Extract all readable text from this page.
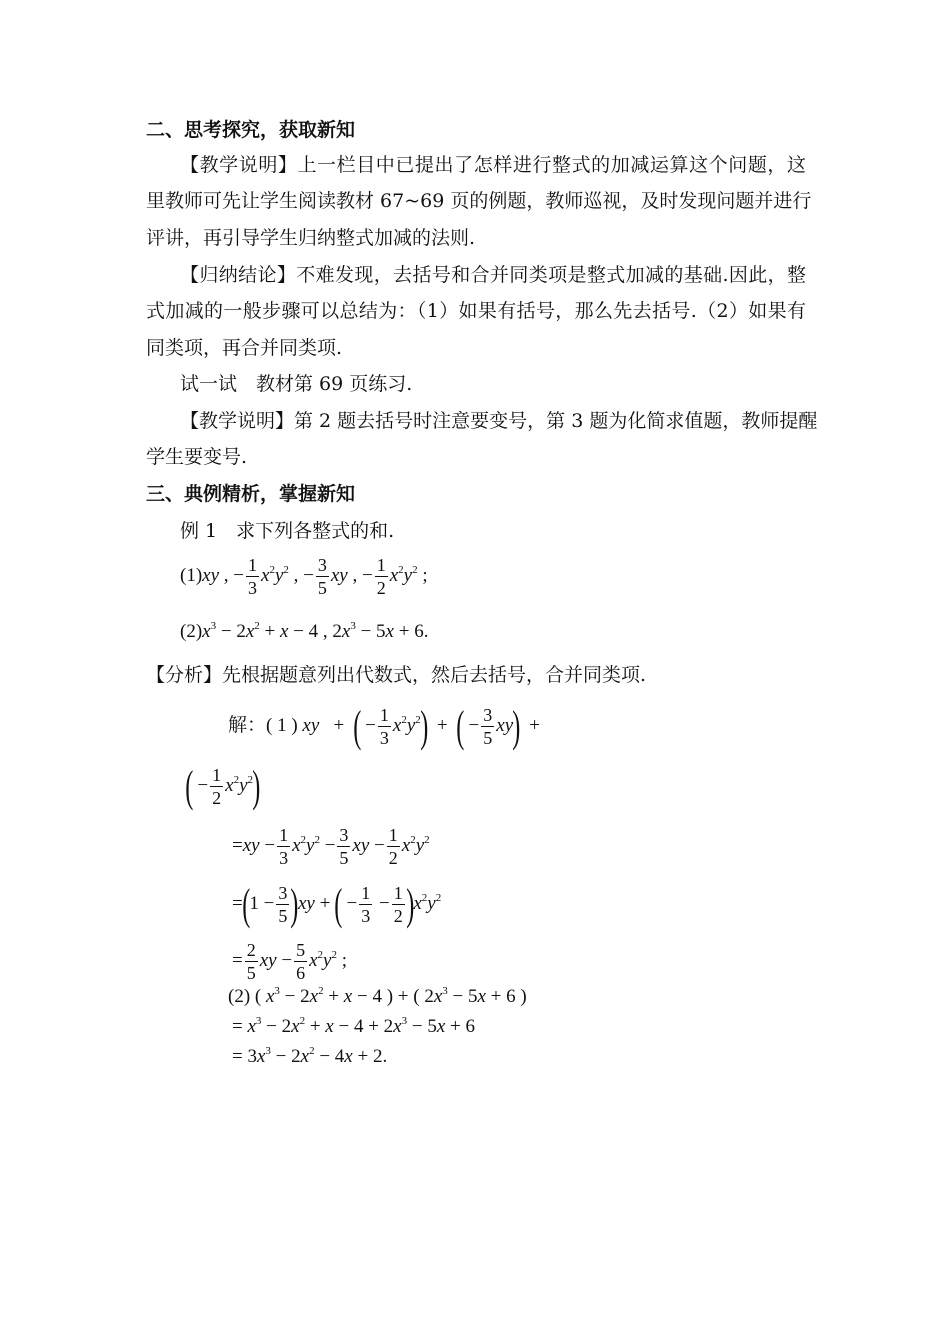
二、思考探究，获取新知
【教学说明】上一栏目中已提出了怎样进行整式的加减运算这个问题，这
里教师可先让学生阅读教材 67~69 页的例题，教师巡视，及时发现问题并进行
评讲，再引导学生归纳整式加减的法则.
【归纳结论】不难发现，去括号和合并同类项是整式加减的基础.因此，整
式加减的一般步骤可以总结为：（1）如果有括号，那么先去括号.（2）如果有
同类项，再合并同类项.
试一试　教材第 69 页练习.
【教学说明】第 2 题去括号时注意要变号，第 3 题为化简求值题，教师提醒
学生要变号.
三、典例精析，掌握新知
例 1　求下列各整式的和.
(1)xy , − $\frac{1}{3} x^2y^2$ , − $\frac{3}{5}$ xy , − $\frac{1}{2} x^2y^2$ ;
$(2)x^3 - 2x^2 + x - 4$ , $2x^3 - 5x + 6$.
【分析】先根据题意列出代数式，然后去括号，合并同类项.
解：( 1 ) xy   +  ( − $\frac{1}{3} x^2y^2$)  +  ( − $\frac{3}{5} xy$)  +
( − $\frac{1}{2} x^2y^2$)
$=xy - \frac{1}{3} x^2y^2 - \frac{3}{5}$ xy − $\frac{1}{2} x^2y^2$
$=(1 - \frac{3}{5} )xy$ + ( − $\frac{1}{3} - \frac{1}{2} )x^2y^2$
= $\frac{2}{5}$ xy − $\frac{5}{6} x^2y^2$ ;
(2) ( $x^3 - 2x^2 + x - 4$ ) + ( $2x^3 - 5x + 6$ )
= $x^3 - 2x^2 + x - 4 + 2x^3 - 5x + 6$
= $3x^3 - 2x^2 - 4x + 2$.
